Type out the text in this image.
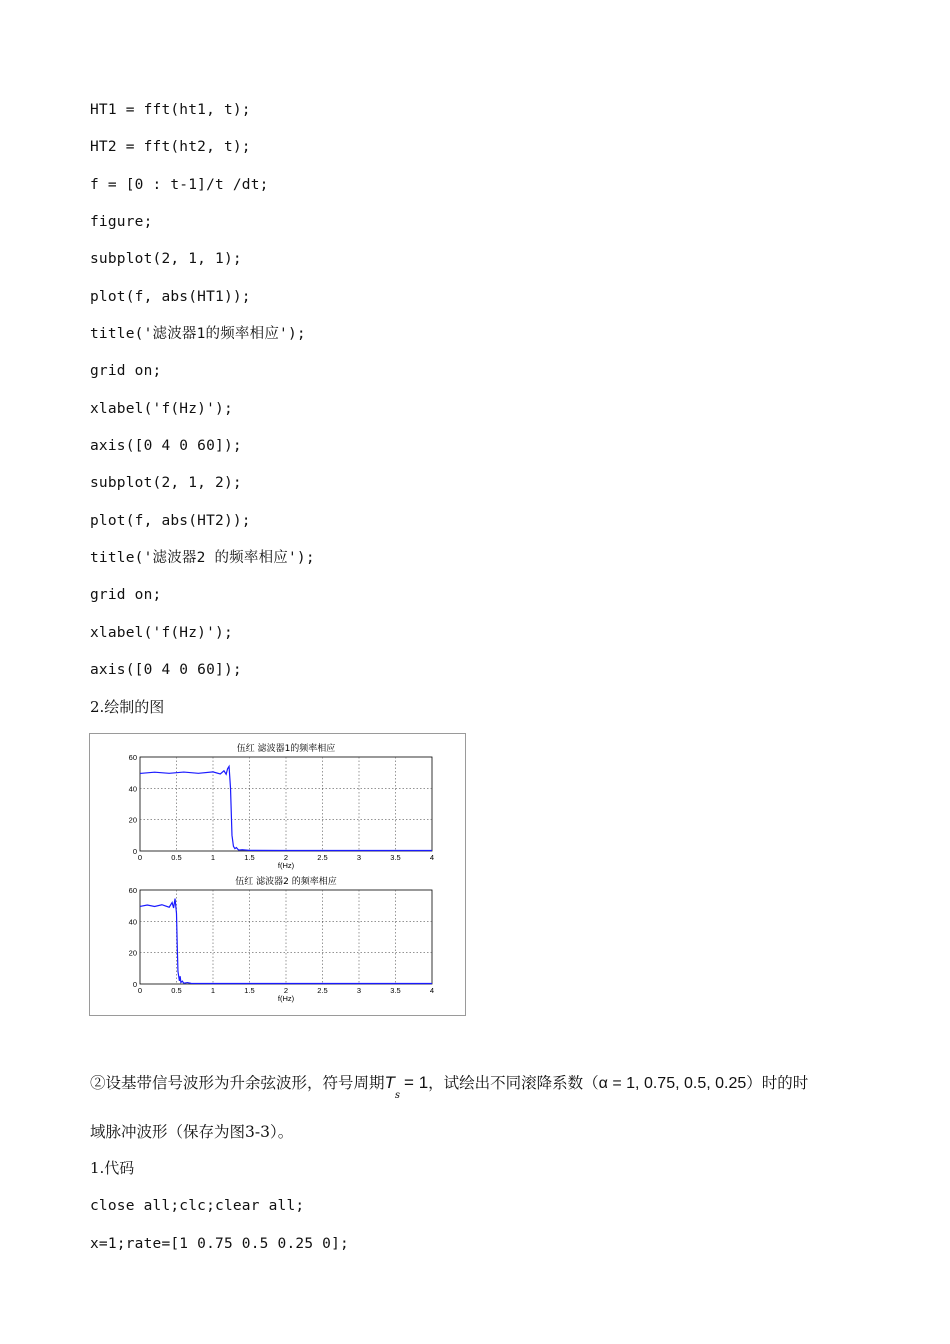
HT1 = fft(ht1, t);
HT2 = fft(ht2, t);
f = [0 : t-1]/t /dt;
figure;
subplot(2, 1, 1);
plot(f, abs(HT1));
title('滤波器1的频率相应');
grid on;
xlabel('f(Hz)');
axis([0 4 0 60]);
subplot(2, 1, 2);
plot(f, abs(HT2));
title('滤波器2 的频率相应');
grid on;
xlabel('f(Hz)');
axis([0 4 0 60]);
2.绘制的图
0	0.5	1	1.5	2	2.5	3	3.5	4
0
20
40
60
伍红 滤波器1的频率相应
f(Hz)
0	0.5	1	1.5	2	2.5	3	3.5	4
0
20
40
60
伍红 滤波器2 的频率相应
f(Hz)
②设基带信号波形为升余弦波形，符号周期$T_s= 1$，试绘出不同滚降系数（α = 1, 0.75, 0.5, 0.25）时的时
域脉冲波形（保存为图3-3）。
1.代码
close all;clc;clear all;
x=1;rate=[1 0.75 0.5 0.25 0];
